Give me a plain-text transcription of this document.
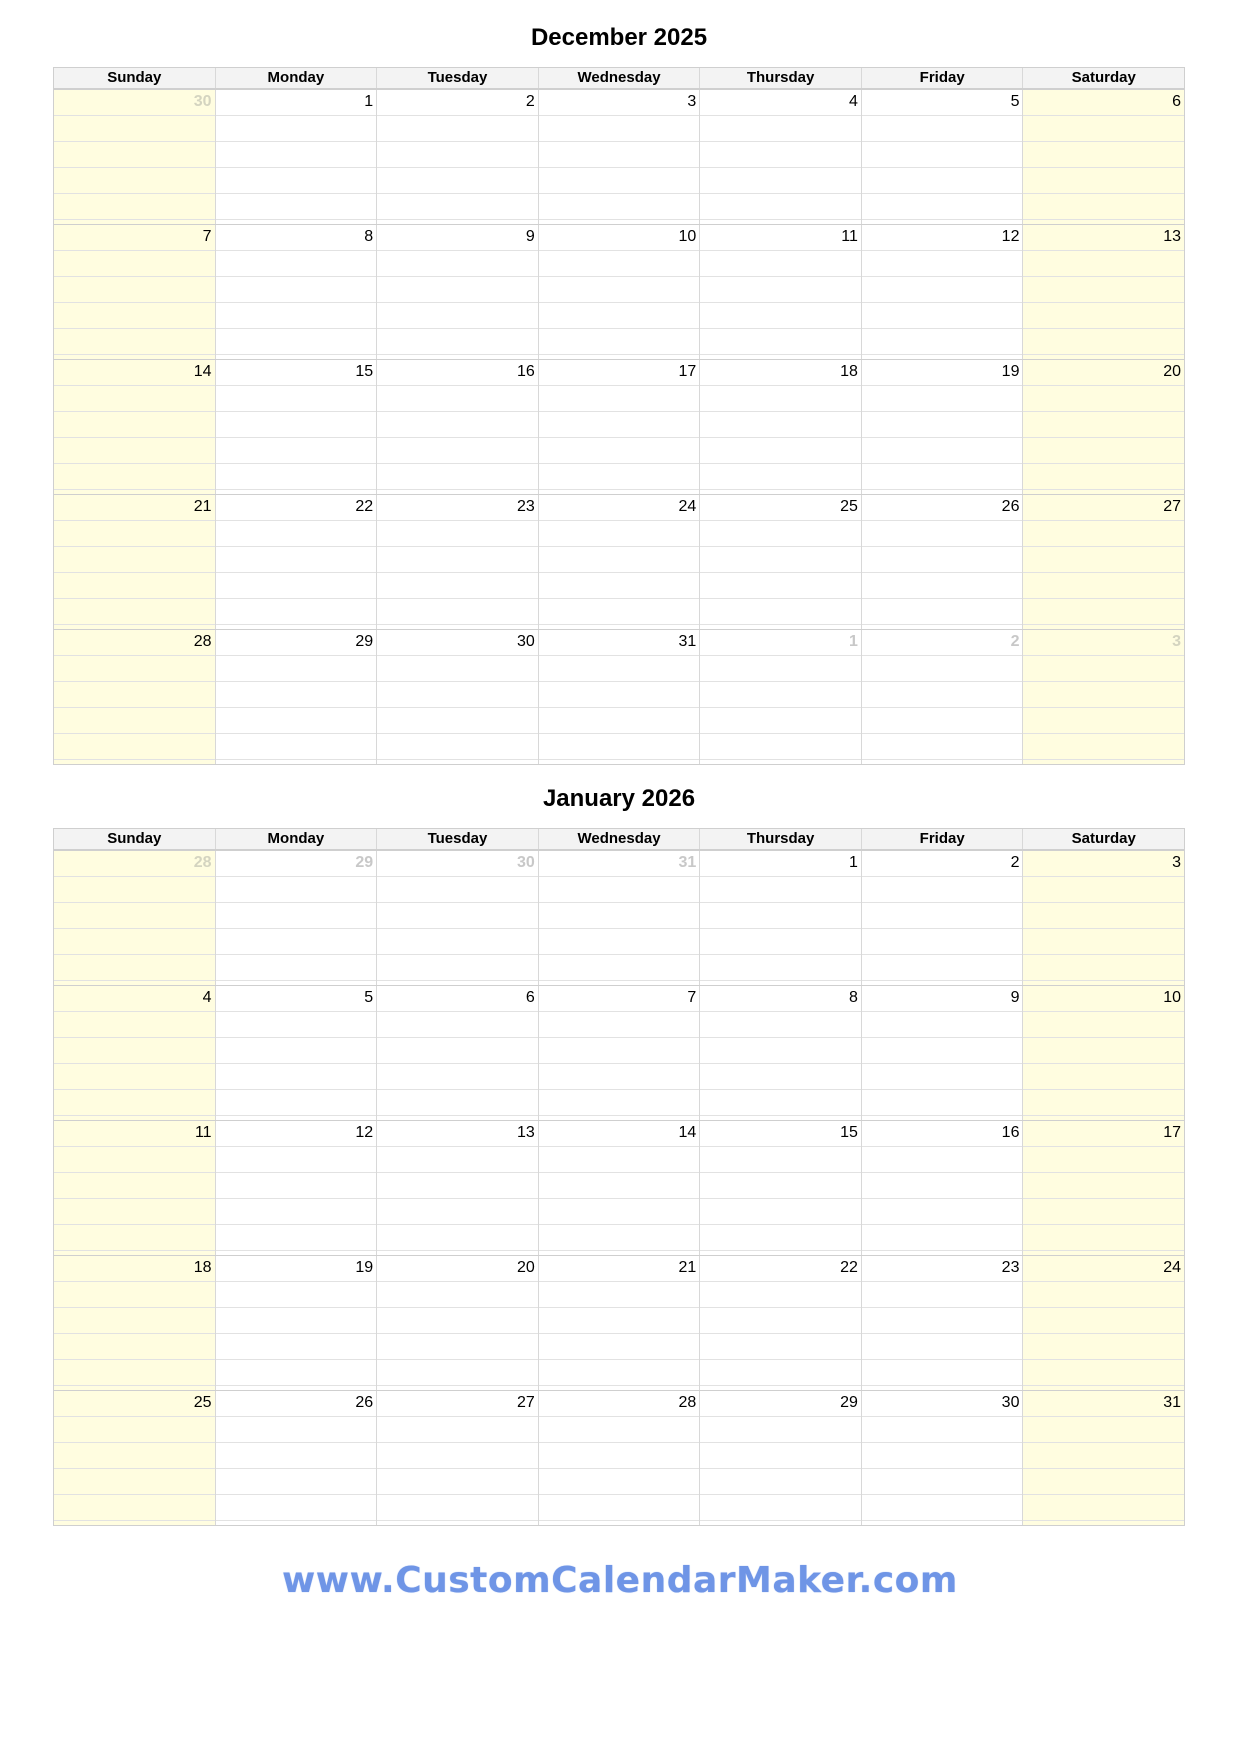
December 2025
Sunday	Monday	Tuesday	Wednesday	Thursday	Friday	Saturday
30	1	2	3	4	5	6
7	8	9	10	11	12	13
14	15	16	17	18	19	20
21	22	23	24	25	26	27
28	29	30	31	1	2	3
January 2026
Sunday	Monday	Tuesday	Wednesday	Thursday	Friday	Saturday
28	29	30	31	1	2	3
4	5	6	7	8	9	10
11	12	13	14	15	16	17
18	19	20	21	22	23	24
25	26	27	28	29	30	31
www.CustomCalendarMaker.com
